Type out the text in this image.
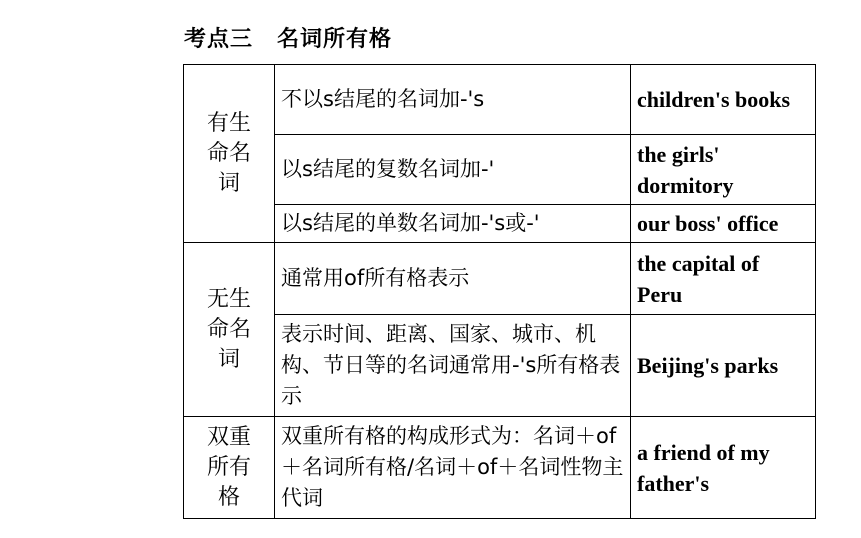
考点三 名词所有格
有生
命名
词	不以s结尾的名词加-'s	children's books
	以s结尾的复数名词加-'	the girls' dormitory
	以s结尾的单数名词加-'s或-'	our boss' office

无生
命名
词	通常用of所有格表示	the capital of Peru
	表示时间、距离、国家、城市、机构、节日等的名词通常用-'s所有格表示	Beijing's parks

双重
所有
格	双重所有格的构成形式为：名词＋of＋名词所有格/名词＋of＋名词性物主代词	a friend of my father's
